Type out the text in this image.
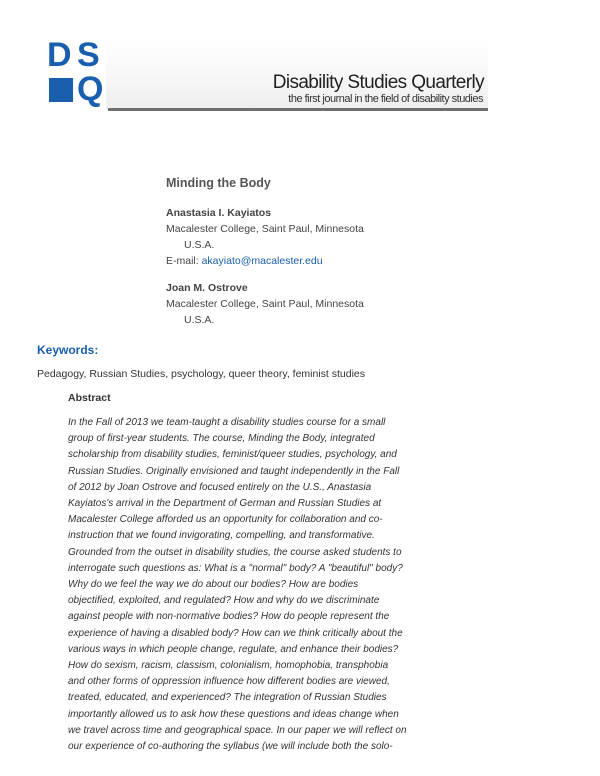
D S
Q	Disability Studies Quarterly
the first journal in the field of disability studies
Minding the Body
Anastasia I. Kayiatos
Macalester College, Saint Paul, Minnesota
U.S.A.
E-mail: akayiato@macalester.edu
Joan M. Ostrove
Macalester College, Saint Paul, Minnesota
U.S.A.
Keywords:
Pedagogy, Russian Studies, psychology, queer theory, feminist studies
Abstract
In the Fall of 2013 we team-taught a disability studies course for a small
group of first-year students. The course, Minding the Body, integrated
scholarship from disability studies, feminist/queer studies, psychology, and
Russian Studies. Originally envisioned and taught independently in the Fall
of 2012 by Joan Ostrove and focused entirely on the U.S., Anastasia
Kayiatos's arrival in the Department of German and Russian Studies at
Macalester College afforded us an opportunity for collaboration and co-
instruction that we found invigorating, compelling, and transformative.
Grounded from the outset in disability studies, the course asked students to
interrogate such questions as: What is a "normal" body? A "beautiful" body?
Why do we feel the way we do about our bodies? How are bodies
objectified, exploited, and regulated? How and why do we discriminate
against people with non-normative bodies? How do people represent the
experience of having a disabled body? How can we think critically about the
various ways in which people change, regulate, and enhance their bodies?
How do sexism, racism, classism, colonialism, homophobia, transphobia
and other forms of oppression influence how different bodies are viewed,
treated, educated, and experienced? The integration of Russian Studies
importantly allowed us to ask how these questions and ideas change when
we travel across time and geographical space. In our paper we will reflect on
our experience of co-authoring the syllabus (we will include both the solo-
